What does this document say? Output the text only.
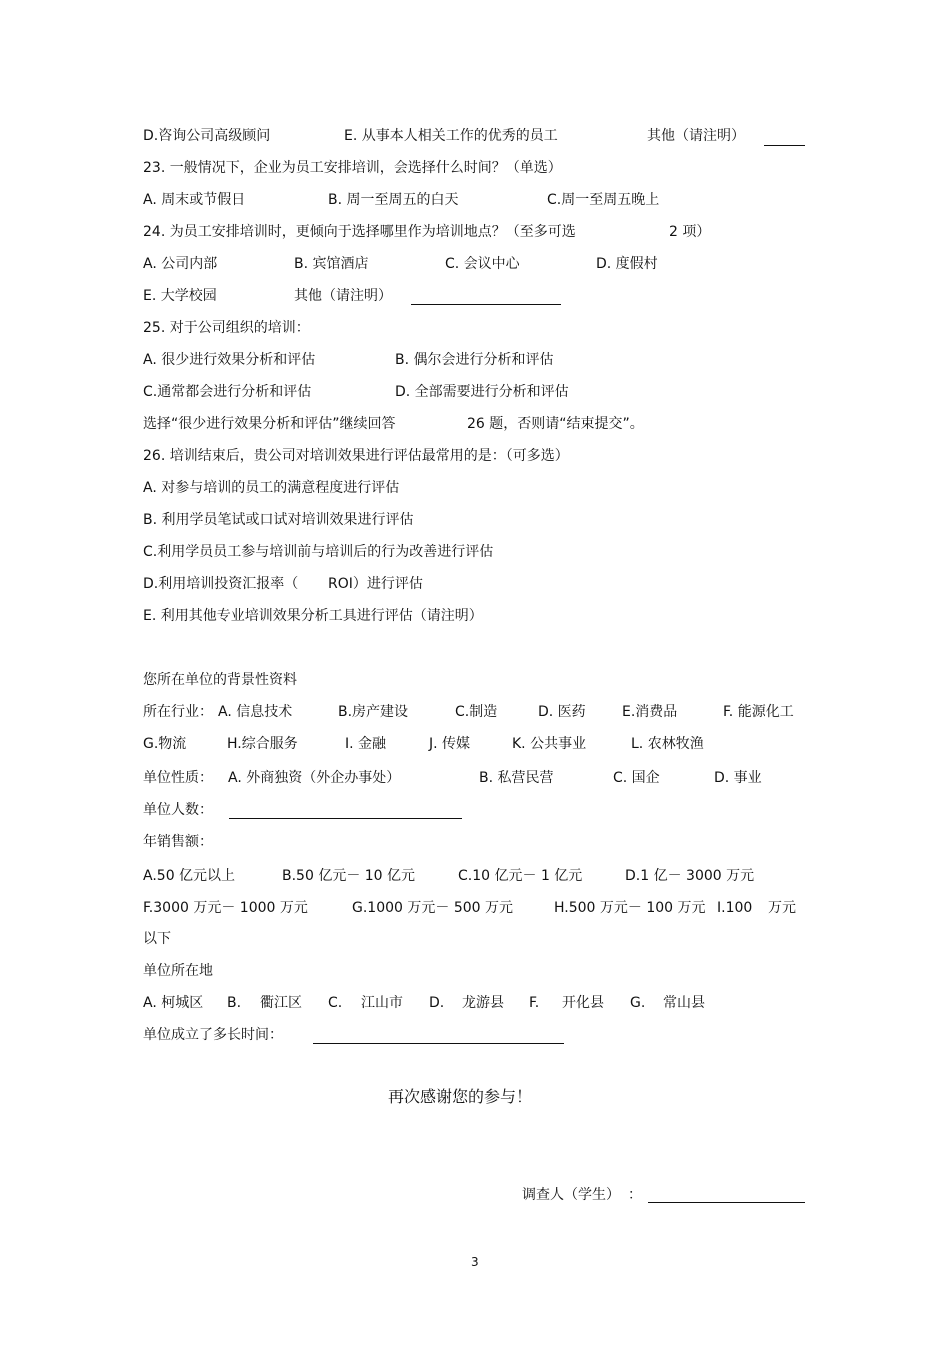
D.咨询公司高级顾问	E. 从事本人相关工作的优秀的员工	其他（请注明）
23. 一般情况下，企业为员工安排培训，会选择什么时间？（单选）
A. 周末或节假日	B. 周一至周五的白天	C.周一至周五晚上
24. 为员工安排培训时，更倾向于选择哪里作为培训地点？（至多可选	2 项）
A. 公司内部	B. 宾馆酒店	C. 会议中心	D. 度假村
E. 大学校园	其他（请注明）
25. 对于公司组织的培训：
A. 很少进行效果分析和评估	B. 偶尔会进行分析和评估
C.通常都会进行分析和评估	D. 全部需要进行分析和评估
选择“很少进行效果分析和评估”继续回答	26 题，否则请“结束提交”。
26. 培训结束后，贵公司对培训效果进行评估最常用的是：（可多选）
A. 对参与培训的员工的满意程度进行评估
B. 利用学员笔试或口试对培训效果进行评估
C.利用学员员工参与培训前与培训后的行为改善进行评估
D.利用培训投资汇报率（ ROI）进行评估
E. 利用其他专业培训效果分析工具进行评估（请注明）
您所在单位的背景性资料
所在行业： A. 信息技术	B.房产建设	C.制造	D. 医药	E.消费品	F. 能源化工
G.物流	H.综合服务	I. 金融	J. 传媒	K. 公共事业	L. 农林牧渔
单位性质： A. 外商独资（外企办事处）	B. 私营民营	C. 国企	D. 事业
单位人数：
年销售额：
A.50 亿元以上	B.50 亿元－ 10 亿元	C.10 亿元－ 1 亿元	D.1 亿－ 3000 万元
F.3000 万元－ 1000 万元	G.1000 万元－ 500 万元	H.500 万元－ 100 万元 I.100 万元
以下
单位所在地
A. 柯城区 B. 衢江区 C. 江山市 D. 龙游县 F. 开化县 G. 常山县
单位成立了多长时间：
再次感谢您的参与！
调查人（学生） ：
3
